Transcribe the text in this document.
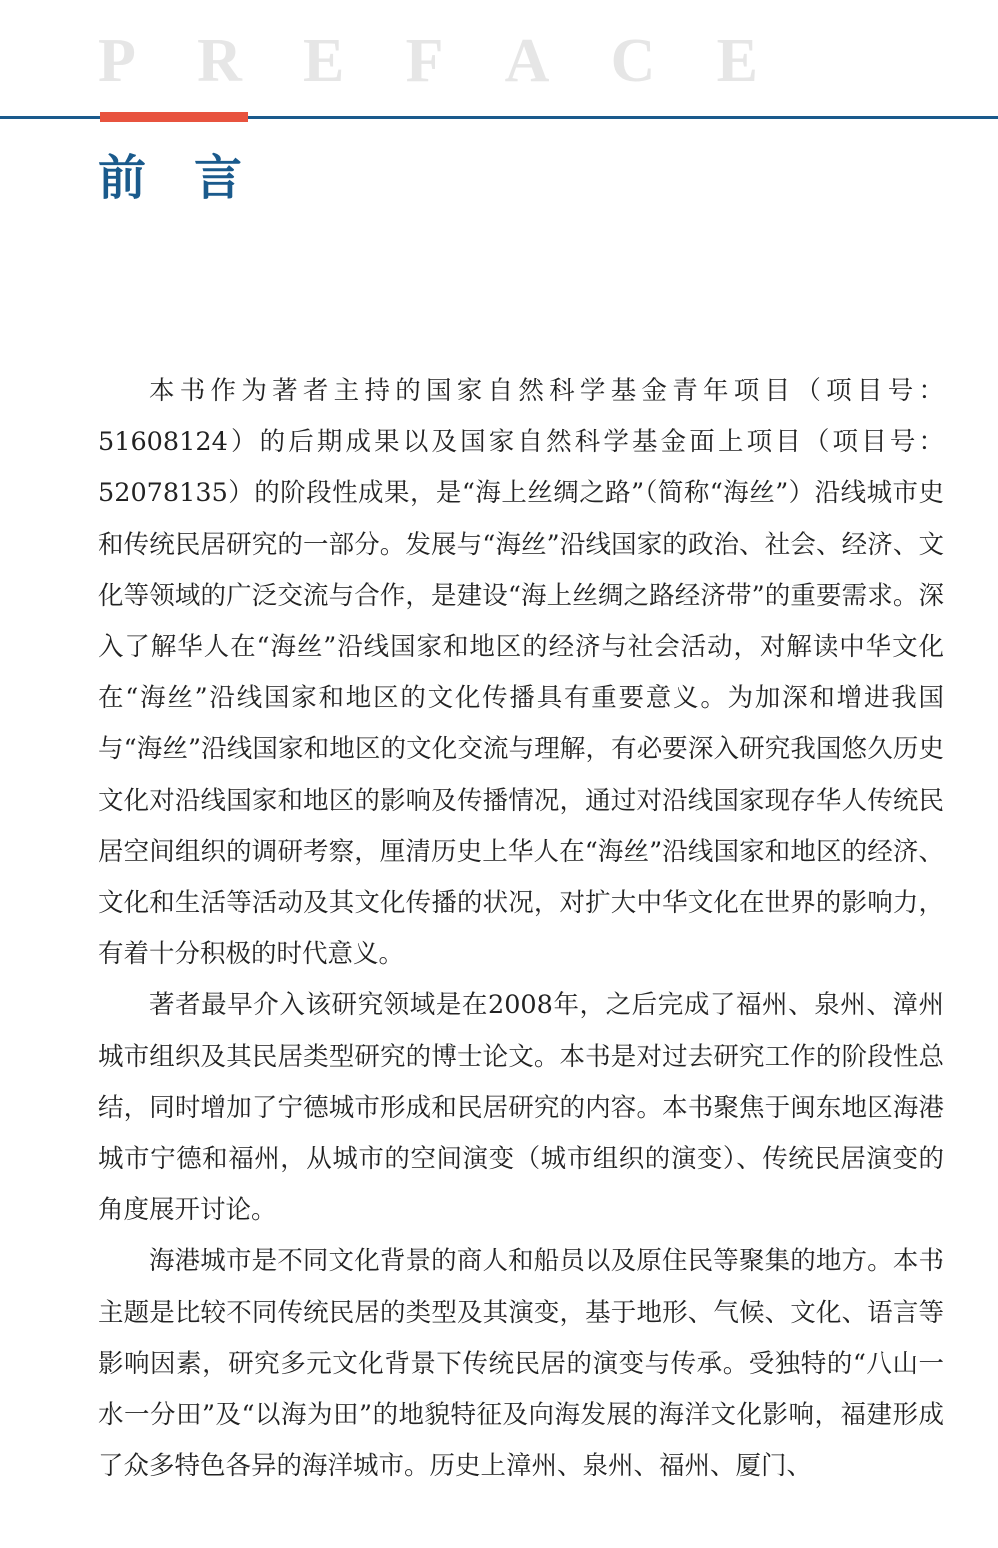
P R E F A C E
前言

本书作为著者主持的国家自然科学基金青年项目（项目号：51608124）的后期成果以及国家自然科学基金面上项目（项目号：52078135）的阶段性成果，是“海上丝绸之路”（简称“海丝”）沿线城市史和传统民居研究的一部分。发展与“海丝”沿线国家的政治、社会、经济、文化等领域的广泛交流与合作，是建设“海上丝绸之路经济带”的重要需求。深入了解华人在“海丝”沿线国家和地区的经济与社会活动，对解读中华文化在“海丝”沿线国家和地区的文化传播具有重要意义。为加深和增进我国与“海丝”沿线国家和地区的文化交流与理解，有必要深入研究我国悠久历史文化对沿线国家和地区的影响及传播情况，通过对沿线国家现存华人传统民居空间组织的调研考察，厘清历史上华人在“海丝”沿线国家和地区的经济、文化和生活等活动及其文化传播的状况，对扩大中华文化在世界的影响力，有着十分积极的时代意义。

著者最早介入该研究领域是在2008年，之后完成了福州、泉州、漳州城市组织及其民居类型研究的博士论文。本书是对过去研究工作的阶段性总结，同时增加了宁德城市形成和民居研究的内容。本书聚焦于闽东地区海港城市宁德和福州，从城市的空间演变（城市组织的演变）、传统民居演变的角度展开讨论。

海港城市是不同文化背景的商人和船员以及原住民等聚集的地方。本书主题是比较不同传统民居的类型及其演变，基于地形、气候、文化、语言等影响因素，研究多元文化背景下传统民居的演变与传承。受独特的“八山一水一分田”及“以海为田”的地貌特征及向海发展的海洋文化影响，福建形成了众多特色各异的海洋城市。历史上漳州、泉州、福州、厦门、
